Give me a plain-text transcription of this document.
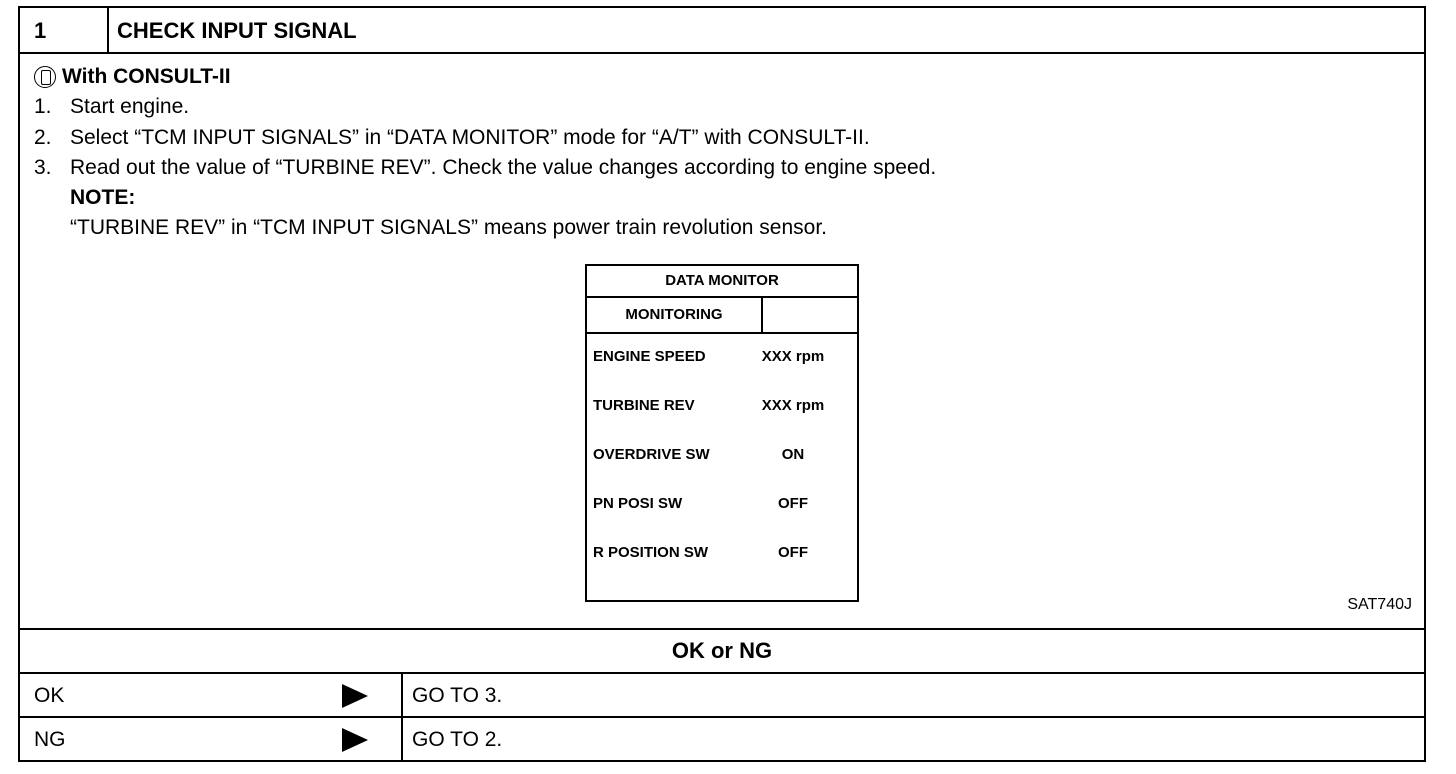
1	CHECK INPUT SIGNAL
With CONSULT-II
1. Start engine.
2. Select “TCM INPUT SIGNALS” in “DATA MONITOR” mode for “A/T” with CONSULT-II.
3. Read out the value of “TURBINE REV”. Check the value changes according to engine speed.
NOTE:
“TURBINE REV” in “TCM INPUT SIGNALS” means power train revolution sensor.
DATA MONITOR
MONITORING
ENGINE SPEED	XXX rpm
TURBINE REV	XXX rpm
OVERDRIVE SW	ON
PN POSI SW	OFF
R POSITION SW	OFF
SAT740J
OK or NG
OK	GO TO 3.
NG	GO TO 2.
